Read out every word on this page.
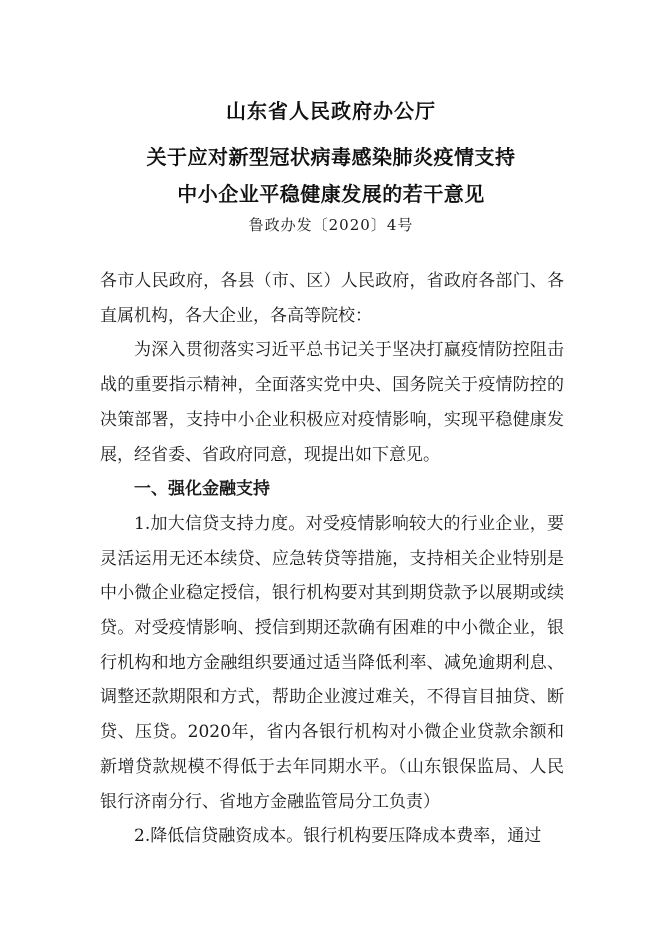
山东省人民政府办公厅
关于应对新型冠状病毒感染肺炎疫情支持
中小企业平稳健康发展的若干意见
鲁政办发〔2020〕4号

各市人民政府，各县（市、区）人民政府，省政府各部门、各直属机构，各大企业，各高等院校：

为深入贯彻落实习近平总书记关于坚决打赢疫情防控阻击战的重要指示精神，全面落实党中央、国务院关于疫情防控的决策部署，支持中小企业积极应对疫情影响，实现平稳健康发展，经省委、省政府同意，现提出如下意见。

一、强化金融支持

1.加大信贷支持力度。对受疫情影响较大的行业企业，要灵活运用无还本续贷、应急转贷等措施，支持相关企业特别是中小微企业稳定授信，银行机构要对其到期贷款予以展期或续贷。对受疫情影响、授信到期还款确有困难的中小微企业，银行机构和地方金融组织要通过适当降低利率、减免逾期利息、调整还款期限和方式，帮助企业渡过难关，不得盲目抽贷、断贷、压贷。2020年，省内各银行机构对小微企业贷款余额和新增贷款规模不得低于去年同期水平。（山东银保监局、人民银行济南分行、省地方金融监管局分工负责）

2.降低信贷融资成本。银行机构要压降成本费率，通过
